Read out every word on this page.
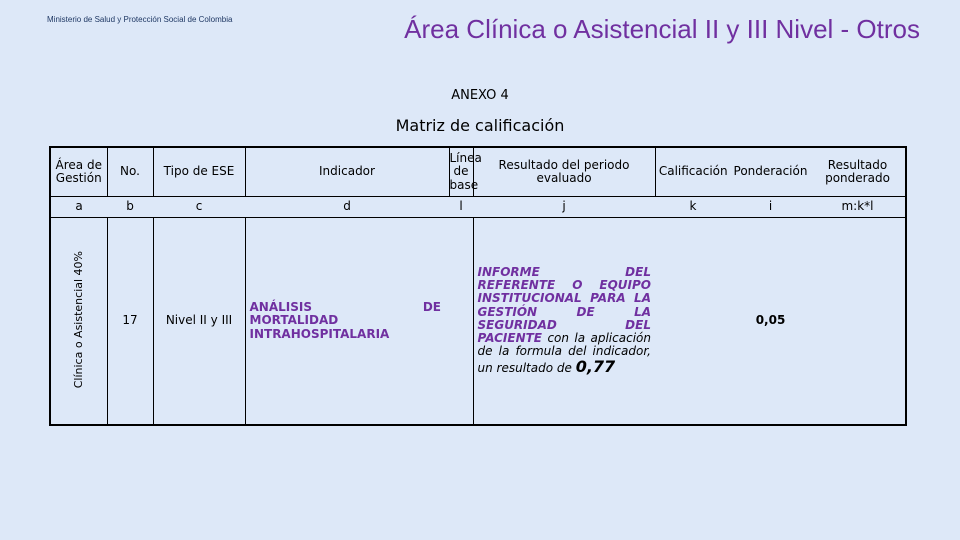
Ministerio de Salud y Protección Social de Colombia	Área Clínica o Asistencial II y III Nivel - Otros
ANEXO 4
Matriz de calificación
Área de Gestión	No.	Tipo de ESE	Indicador	Línea de base	Resultado del periodo evaluado	Calificación	Ponderación	Resultado ponderado
a	b	c	d	l	j	k	i	m:k*l
Clínica o Asistencial 40%	17	Nivel II y III	ANÁLISIS DE
MORTALIDAD
INTRAHOSPITALARIA		INFORME DEL REFERENTE O EQUIPO INSTITUCIONAL PARA LA GESTIÓN DE LA SEGURIDAD DEL PACIENTE con la aplicación de la formula del indicador, un resultado de 0,77		0,05	
